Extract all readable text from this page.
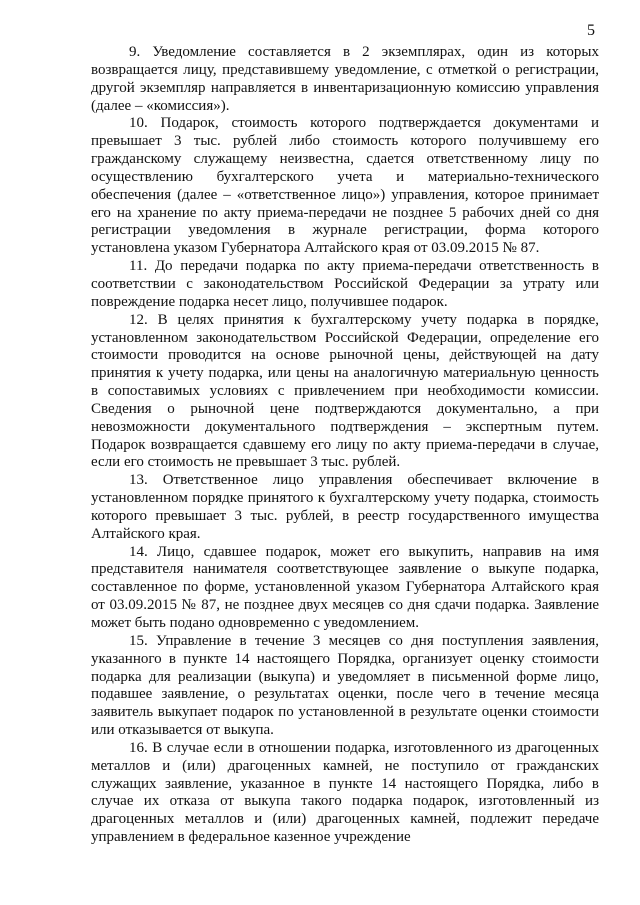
5

9. Уведомление составляется в 2 экземплярах, один из которых возвращается лицу, представившему уведомление, с отметкой о регистрации, другой экземпляр направляется в инвентаризационную комиссию управления (далее – «комиссия»).

10. Подарок, стоимость которого подтверждается документами и превышает 3 тыс. рублей либо стоимость которого получившему его гражданскому служащему неизвестна, сдается ответственному лицу по осуществлению бухгалтерского учета и материально-технического обеспечения (далее – «ответственное лицо») управления, которое принимает его на хранение по акту приема-передачи не позднее 5 рабочих дней со дня регистрации уведомления в журнале регистрации, форма которого установлена указом Губернатора Алтайского края от 03.09.2015 № 87.

11. До передачи подарка по акту приема-передачи ответственность в соответствии с законодательством Российской Федерации за утрату или повреждение подарка несет лицо, получившее подарок.

12. В целях принятия к бухгалтерскому учету подарка в порядке, установленном законодательством Российской Федерации, определение его стоимости проводится на основе рыночной цены, действующей на дату принятия к учету подарка, или цены на аналогичную материальную ценность в сопоставимых условиях с привлечением при необходимости комиссии. Сведения о рыночной цене подтверждаются документально, а при невозможности документального подтверждения – экспертным путем. Подарок возвращается сдавшему его лицу по акту приема-передачи в случае, если его стоимость не превышает 3 тыс. рублей.

13. Ответственное лицо управления обеспечивает включение в установленном порядке принятого к бухгалтерскому учету подарка, стоимость которого превышает 3 тыс. рублей, в реестр государственного имущества Алтайского края.

14. Лицо, сдавшее подарок, может его выкупить, направив на имя представителя нанимателя соответствующее заявление о выкупе подарка, составленное по форме, установленной указом Губернатора Алтайского края от 03.09.2015 № 87, не позднее двух месяцев со дня сдачи подарка. Заявление может быть подано одновременно с уведомлением.

15. Управление в течение 3 месяцев со дня поступления заявления, указанного в пункте 14 настоящего Порядка, организует оценку стоимости подарка для реализации (выкупа) и уведомляет в письменной форме лицо, подавшее заявление, о результатах оценки, после чего в течение месяца заявитель выкупает подарок по установленной в результате оценки стоимости или отказывается от выкупа.

16. В случае если в отношении подарка, изготовленного из драгоценных металлов и (или) драгоценных камней, не поступило от гражданских служащих заявление, указанное в пункте 14 настоящего Порядка, либо в случае их отказа от выкупа такого подарка подарок, изготовленный из драгоценных металлов и (или) драгоценных камней, подлежит передаче управлением в федеральное казенное учреждение
